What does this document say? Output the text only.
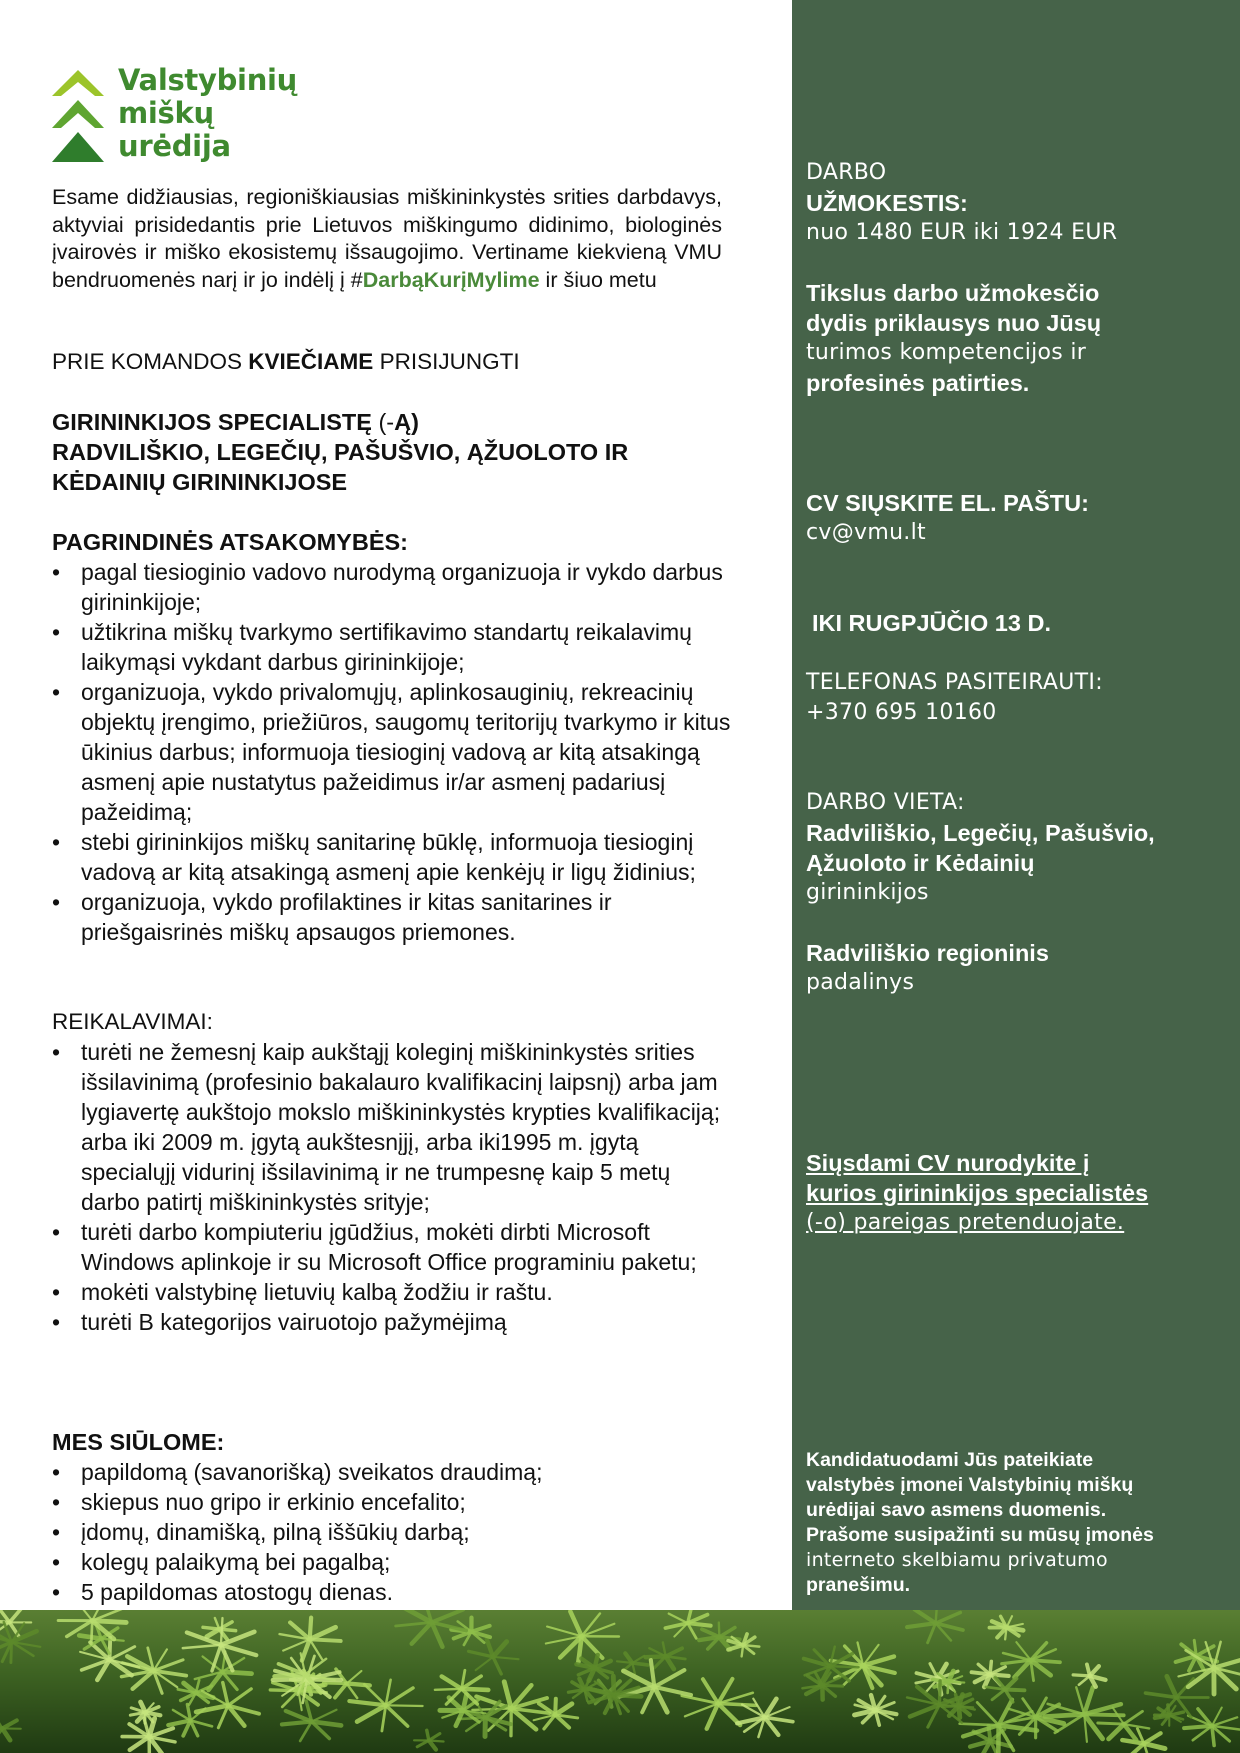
Valstybinių
miškų
urėdija
Esame didžiausias, regioniškiausias miškininkystės srities darbdavys, aktyviai prisidedantis prie Lietuvos miškingumo didinimo, biologinės įvairovės ir miško ekosistemų išsaugojimo. Vertiname kiekvieną VMU bendruomenės narį ir jo indėlį į #DarbąKurįMylime ir šiuo metu
PRIE KOMANDOS KVIEČIAME PRISIJUNGTI
GIRININKIJOS SPECIALISTĘ (-Ą)
RADVILIŠKIO, LEGEČIŲ, PAŠUŠVIO, ĄŽUOLOTO IR
KĖDAINIŲ GIRININKIJOSE
PAGRINDINĖS ATSAKOMYBĖS:
• pagal tiesioginio vadovo nurodymą organizuoja ir vykdo darbus girininkijoje;
• užtikrina miškų tvarkymo sertifikavimo standartų reikalavimų laikymąsi vykdant darbus girininkijoje;
• organizuoja, vykdo privalomųjų, aplinkosauginių, rekreacinių objektų įrengimo, priežiūros, saugomų teritorijų tvarkymo ir kitus ūkinius darbus; informuoja tiesioginį vadovą ar kitą atsakingą asmenį apie nustatytus pažeidimus ir/ar asmenį padariusį pažeidimą;
• stebi girininkijos miškų sanitarinę būklę, informuoja tiesioginį vadovą ar kitą atsakingą asmenį apie kenkėjų ir ligų židinius;
• organizuoja, vykdo profilaktines ir kitas sanitarines ir priešgaisrinės miškų apsaugos priemones.
REIKALAVIMAI:
• turėti ne žemesnį kaip aukštąjį koleginį miškininkystės srities išsilavinimą (profesinio bakalauro kvalifikacinį laipsnį) arba jam lygiavertę aukštojo mokslo miškininkystės krypties kvalifikaciją; arba iki 2009 m. įgytą aukštesnįjį, arba iki1995 m. įgytą specialųjį vidurinį išsilavinimą ir ne trumpesnę kaip 5 metų darbo patirtį miškininkystės srityje;
• turėti darbo kompiuteriu įgūdžius, mokėti dirbti Microsoft Windows aplinkoje ir su Microsoft Office programiniu paketu;
• mokėti valstybinę lietuvių kalbą žodžiu ir raštu.
• turėti B kategorijos vairuotojo pažymėjimą
MES SIŪLOME:
• papildomą (savanorišką) sveikatos draudimą;
• skiepus nuo gripo ir erkinio encefalito;
• įdomų, dinamišką, pilną iššūkių darbą;
• kolegų palaikymą bei pagalbą;
• 5 papildomas atostogų dienas.
DARBO
UŽMOKESTIS:
nuo 1480 EUR iki 1924 EUR
Tikslus darbo užmokesčio
dydis priklausys nuo Jūsų
turimos kompetencijos ir
profesinės patirties.
CV SIŲSKITE EL. PAŠTU:
cv@vmu.lt
IKI RUGPJŪČIO 13 D.
TELEFONAS PASITEIRAUTI:
+370 695 10160
DARBO VIETA:
Radviliškio, Legečių, Pašušvio,
Ąžuoloto ir Kėdainių
girininkijos
Radviliškio regioninis
padalinys
Siųsdami CV nurodykite į
kurios girininkijos specialistės
(-o) pareigas pretenduojate.
Kandidatuodami Jūs pateikiate
valstybės įmonei Valstybinių miškų
urėdijai savo asmens duomenis.
Prašome susipažinti su mūsų įmonės
interneto skelbiamu privatumo
pranešimu.
